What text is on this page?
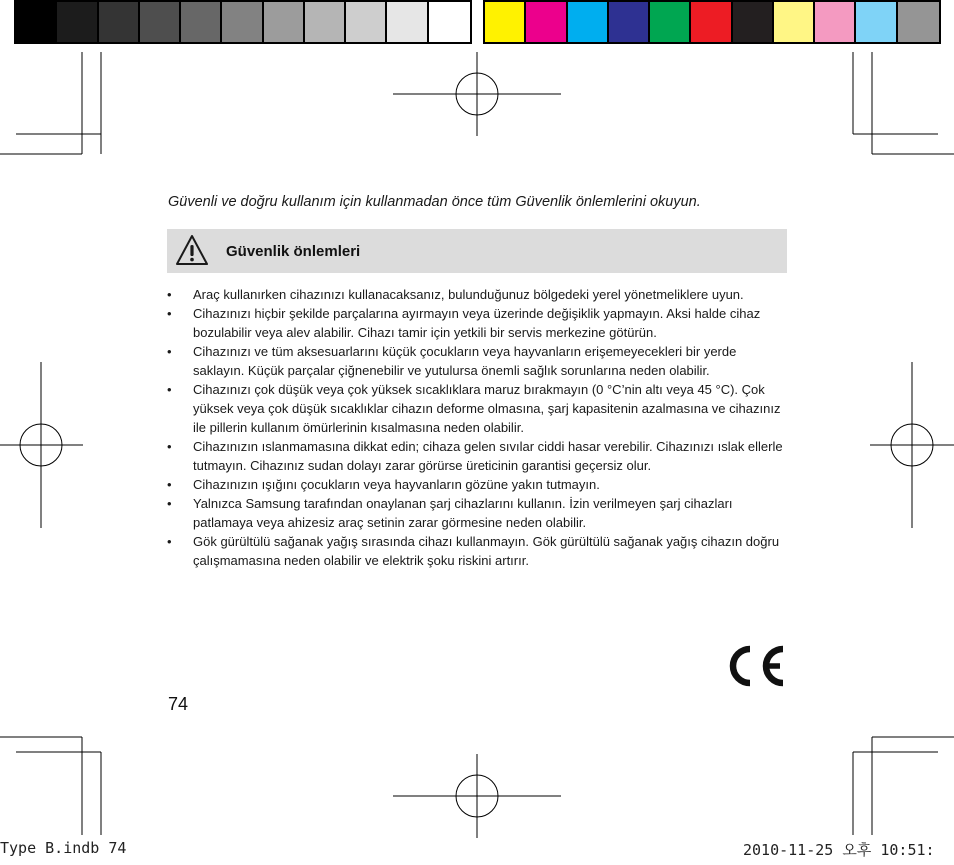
Güvenli ve doğru kullanım için kullanmadan önce tüm Güvenlik önlemlerini okuyun.
Güvenlik önlemleri
• Araç kullanırken cihazınızı kullanacaksanız, bulunduğunuz bölgedeki yerel yönetmeliklere uyun.
• Cihazınızı hiçbir şekilde parçalarına ayırmayın veya üzerinde değişiklik yapmayın. Aksi halde cihaz bozulabilir veya alev alabilir. Cihazı tamir için yetkili bir servis merkezine götürün.
• Cihazınızı ve tüm aksesuarlarını küçük çocukların veya hayvanların erişemeyecekleri bir yerde saklayın. Küçük parçalar çiğnenebilir ve yutulursa önemli sağlık sorunlarına neden olabilir.
• Cihazınızı çok düşük veya çok yüksek sıcaklıklara maruz bırakmayın (0 °C’nin altı veya 45 °C). Çok yüksek veya çok düşük sıcaklıklar cihazın deforme olmasına, şarj kapasitenin azalmasına ve cihazınız ile pillerin kullanım ömürlerinin kısalmasına neden olabilir.
• Cihazınızın ıslanmamasına dikkat edin; cihaza gelen sıvılar ciddi hasar verebilir. Cihazınızı ıslak ellerle tutmayın. Cihazınız sudan dolayı zarar görürse üreticinin garantisi geçersiz olur.
• Cihazınızın ışığını çocukların veya hayvanların gözüne yakın tutmayın.
• Yalnızca Samsung tarafından onaylanan şarj cihazlarını kullanın. İzin verilmeyen şarj cihazları patlamaya veya ahizesiz araç setinin zarar görmesine neden olabilir.
• Gök gürültülü sağanak yağış sırasında cihazı kullanmayın. Gök gürültülü sağanak yağış cihazın doğru çalışmamasına neden olabilir ve elektrik şoku riskini artırır.
74
Type B.indb 74	2010-11-25 오후 10:51:
